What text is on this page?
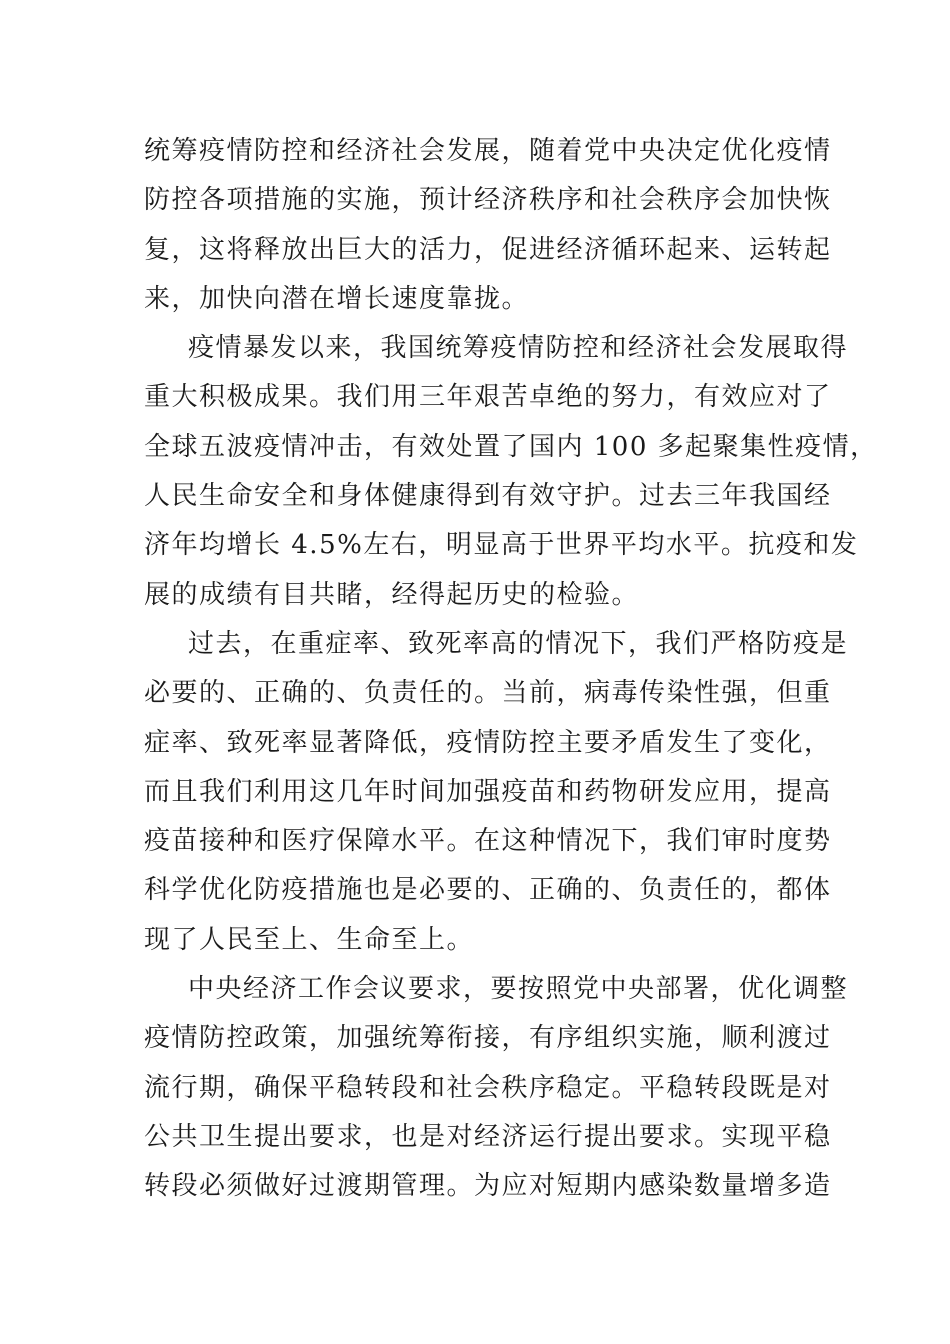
统筹疫情防控和经济社会发展，随着党中央决定优化疫情
防控各项措施的实施，预计经济秩序和社会秩序会加快恢
复，这将释放出巨大的活力，促进经济循环起来、运转起
来，加快向潜在增长速度靠拢。
疫情暴发以来，我国统筹疫情防控和经济社会发展取得
重大积极成果。我们用三年艰苦卓绝的努力，有效应对了
全球五波疫情冲击，有效处置了国内 100 多起聚集性疫情，
人民生命安全和身体健康得到有效守护。过去三年我国经
济年均增长 4.5%左右，明显高于世界平均水平。抗疫和发
展的成绩有目共睹，经得起历史的检验。
过去，在重症率、致死率高的情况下，我们严格防疫是
必要的、正确的、负责任的。当前，病毒传染性强，但重
症率、致死率显著降低，疫情防控主要矛盾发生了变化，
而且我们利用这几年时间加强疫苗和药物研发应用，提高
疫苗接种和医疗保障水平。在这种情况下，我们审时度势
科学优化防疫措施也是必要的、正确的、负责任的，都体
现了人民至上、生命至上。
中央经济工作会议要求，要按照党中央部署，优化调整
疫情防控政策，加强统筹衔接，有序组织实施，顺利渡过
流行期，确保平稳转段和社会秩序稳定。平稳转段既是对
公共卫生提出要求，也是对经济运行提出要求。实现平稳
转段必须做好过渡期管理。为应对短期内感染数量增多造
